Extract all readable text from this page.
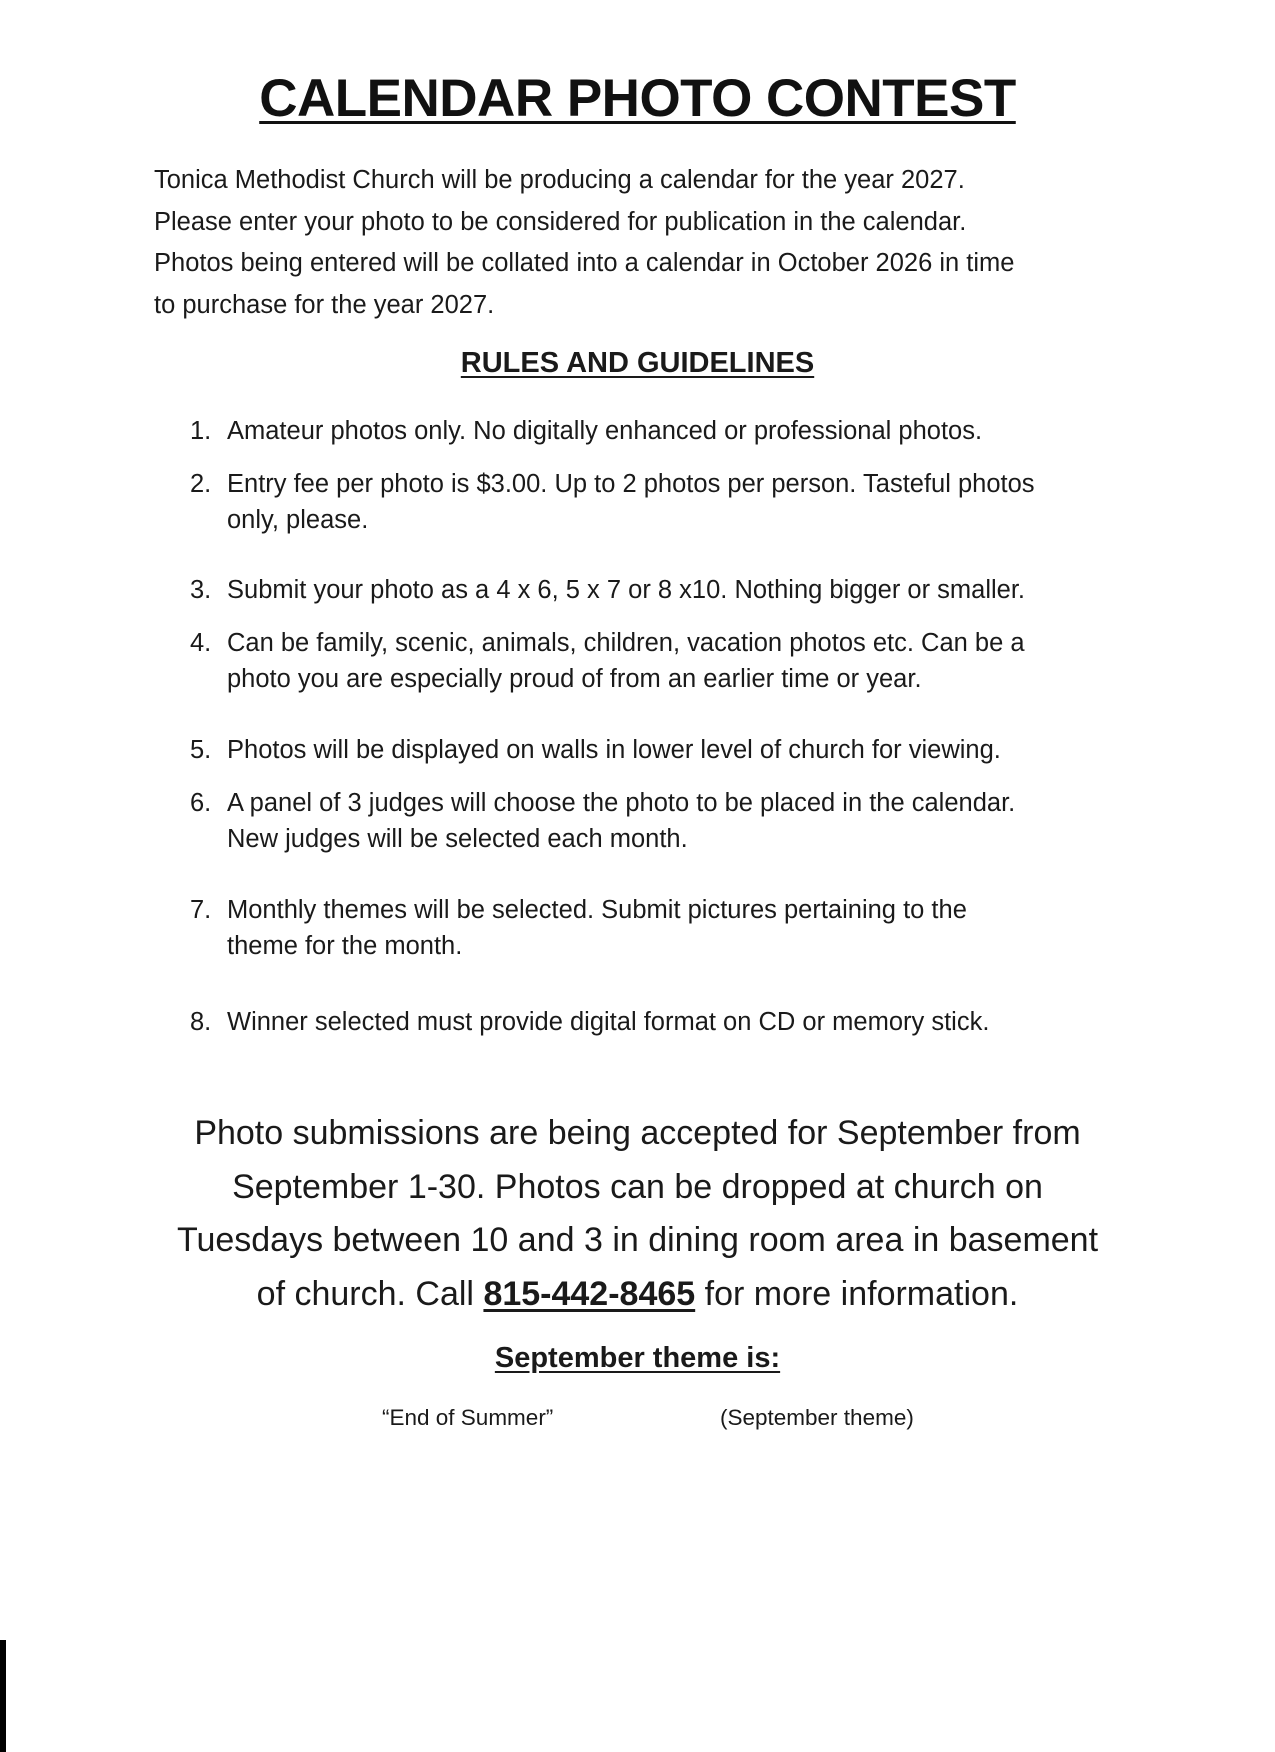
CALENDAR PHOTO CONTEST
Tonica Methodist Church will be producing a calendar for the year 2027.
Please enter your photo to be considered for publication in the calendar.
Photos being entered will be collated into a calendar in October 2026 in time
to purchase for the year 2027.
RULES AND GUIDELINES
1. Amateur photos only. No digitally enhanced or professional photos.
2. Entry fee per photo is $3.00. Up to 2 photos per person. Tasteful photos
only, please.
3. Submit your photo as a 4 x 6, 5 x 7 or 8 x10. Nothing bigger or smaller.
4. Can be family, scenic, animals, children, vacation photos etc. Can be a
photo you are especially proud of from an earlier time or year.
5. Photos will be displayed on walls in lower level of church for viewing.
6. A panel of 3 judges will choose the photo to be placed in the calendar.
New judges will be selected each month.
7. Monthly themes will be selected. Submit pictures pertaining to the
theme for the month.
8. Winner selected must provide digital format on CD or memory stick.
Photo submissions are being accepted for September from
September 1-30. Photos can be dropped at church on
Tuesdays between 10 and 3 in dining room area in basement
of church. Call 815-442-8465 for more information.
September theme is:
“End of Summer”	(September theme)
